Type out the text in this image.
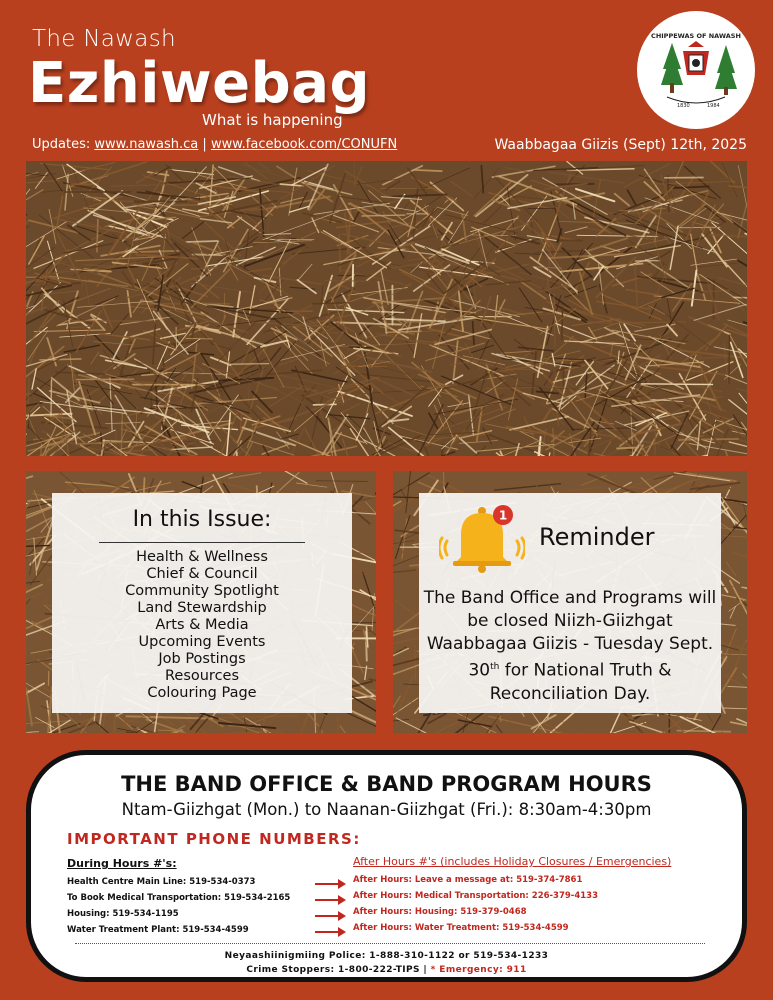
The Nawash
Ezhiwebag
What is happening
Updates: www.nawash.ca | www.facebook.com/CONUFN	Waabbagaa Giizis (Sept) 12th, 2025
CHIPPEWAS OF NAWASH
1830	1984
In this Issue:
Health & Wellness
Chief & Council
Community Spotlight
Land Stewardship
Arts & Media
Upcoming Events
Job Postings
Resources
Colouring Page
1
Reminder
The Band Office and Programs will be closed Niizh-Giizhgat Waabbagaa Giizis - Tuesday Sept. 30th for National Truth & Reconciliation Day.
THE BAND OFFICE & BAND PROGRAM HOURS
Ntam-Giizhgat (Mon.) to Naanan-Giizhgat (Fri.): 8:30am-4:30pm
IMPORTANT PHONE NUMBERS:
During Hours #'s:
Health Centre Main Line: 519-534-0373
To Book Medical Transportation: 519-534-2165
Housing: 519-534-1195
Water Treatment Plant: 519-534-4599
After Hours #'s (includes Holiday Closures / Emergencies)
After Hours: Leave a message at: 519-374-7861
After Hours: Medical Transportation: 226-379-4133
After Hours: Housing: 519-379-0468
After Hours: Water Treatment: 519-534-4599
Neyaashiinigmiing Police: 1-888-310-1122 or 519-534-1233
Crime Stoppers: 1-800-222-TIPS | * Emergency: 911
